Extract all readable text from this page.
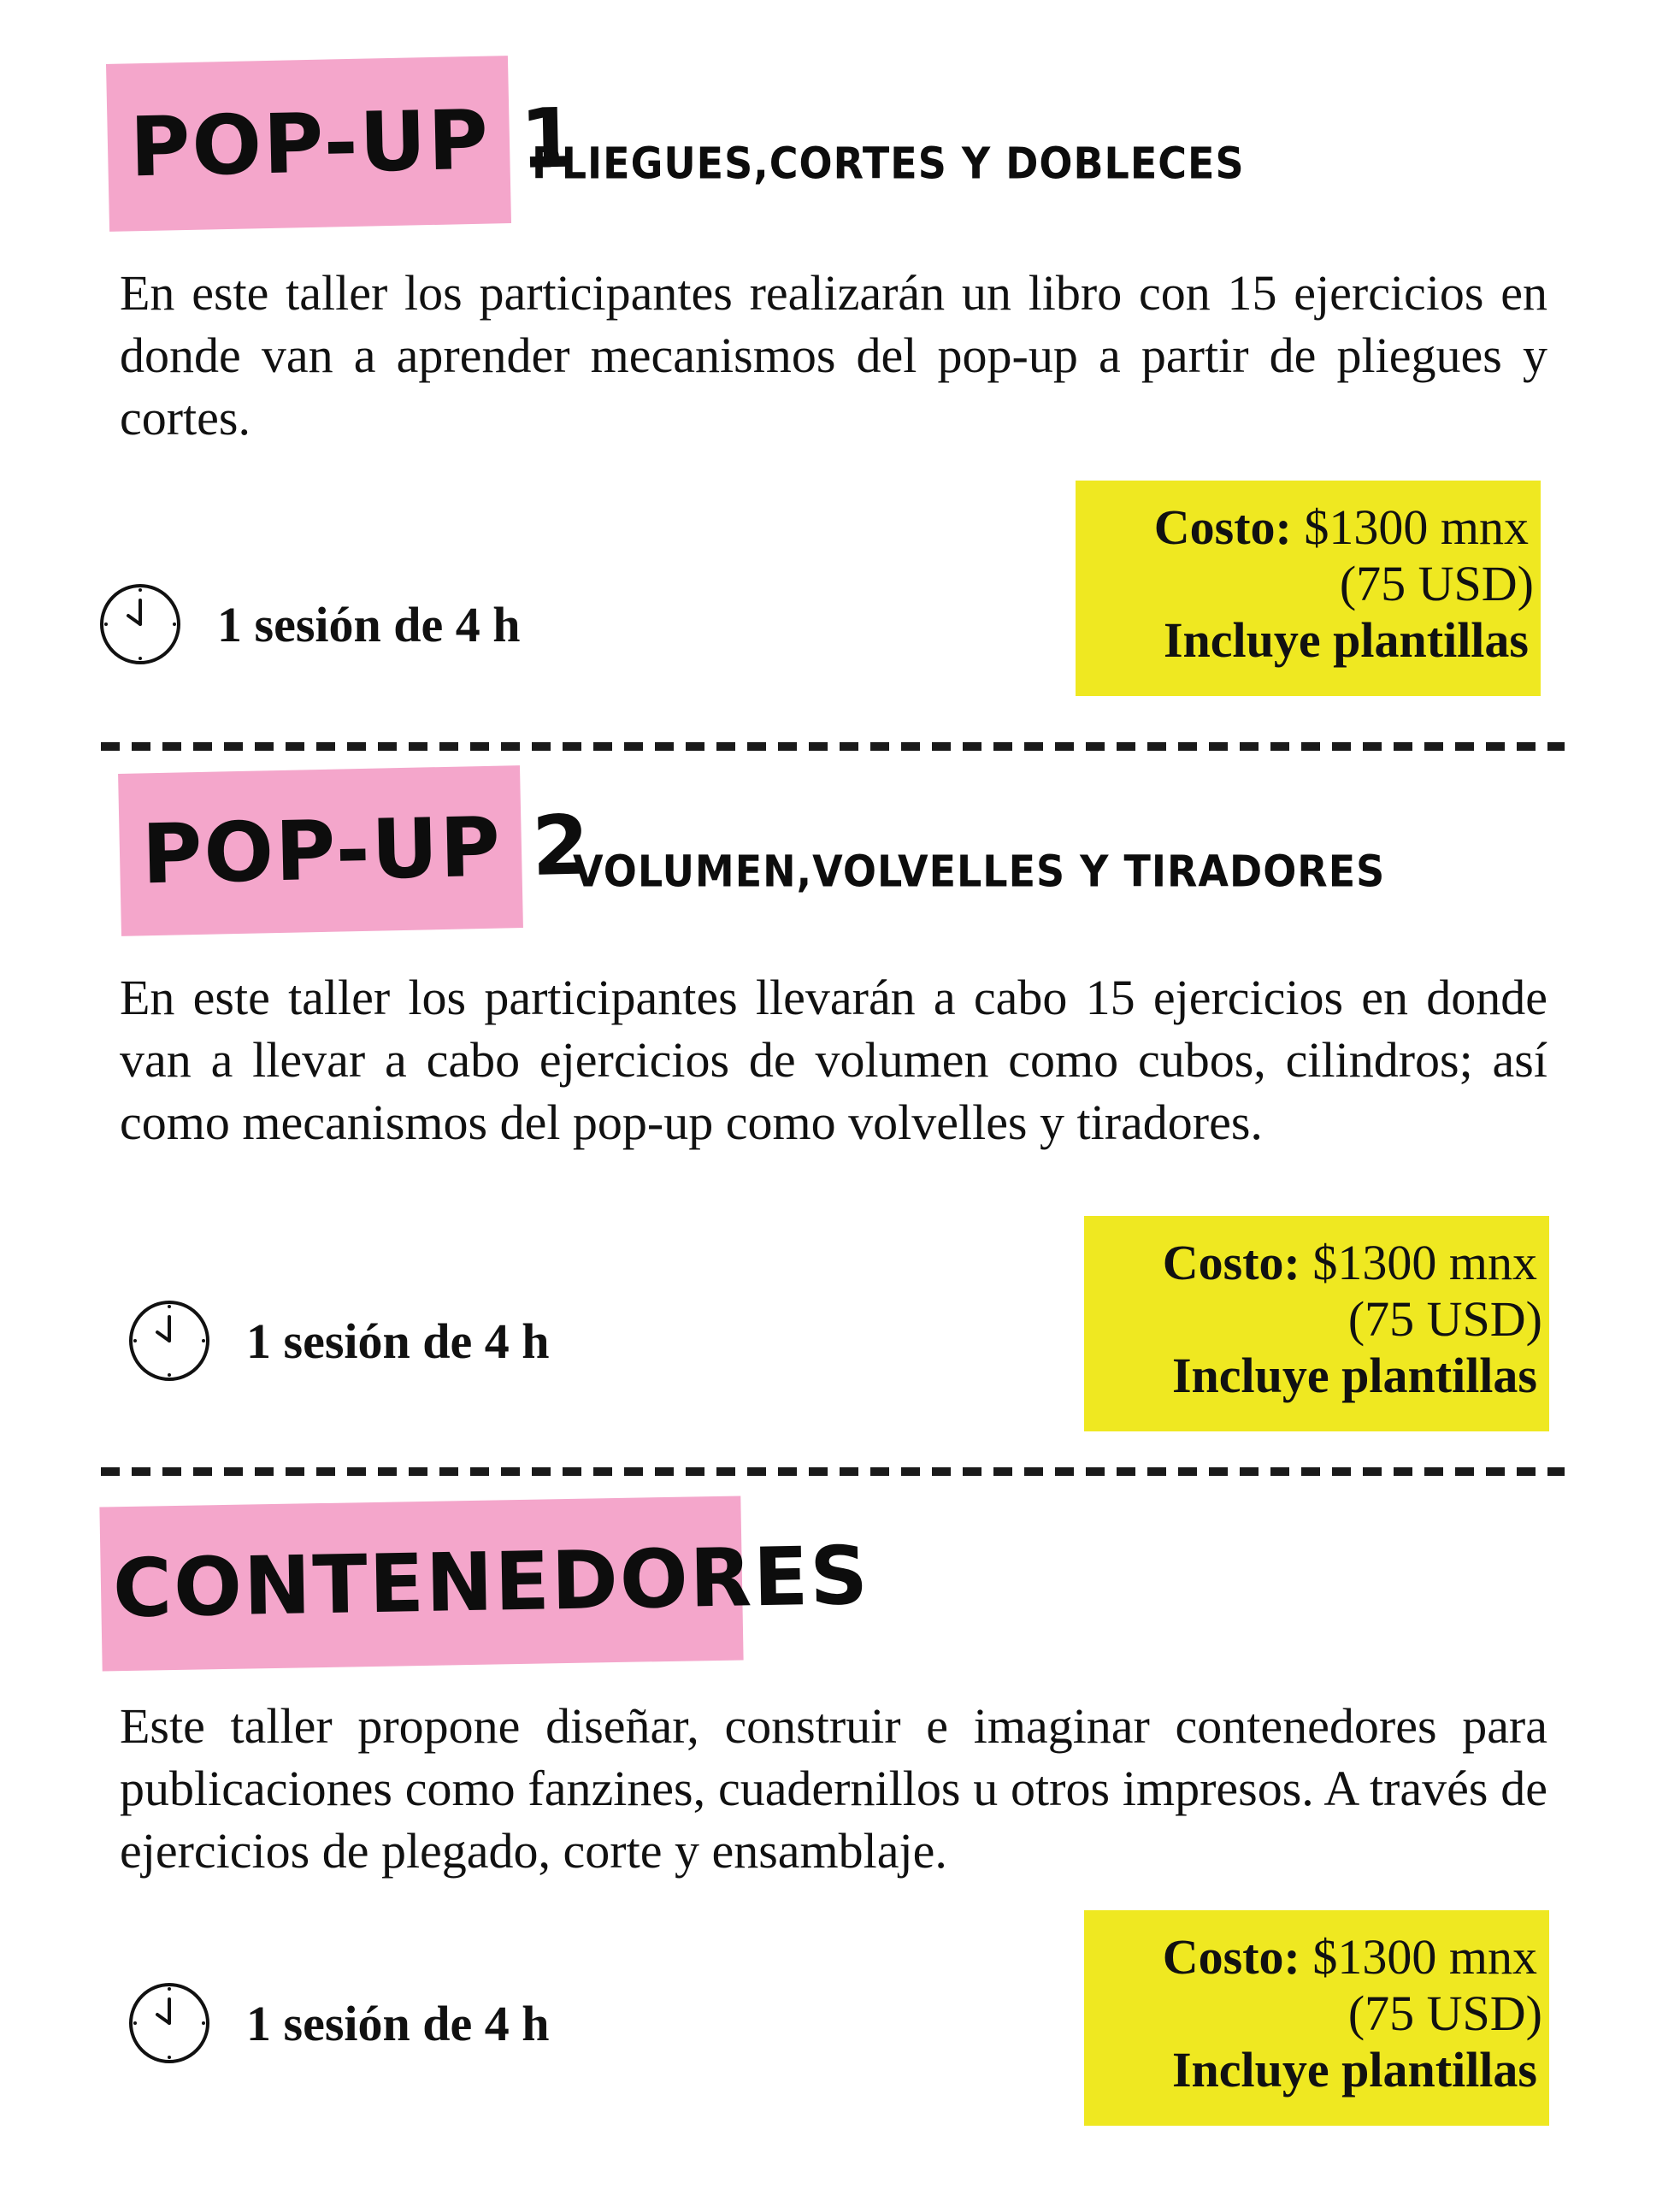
POP-UP 1
PLIEGUES,CORTES Y DOBLECES

En este taller los participantes realizarán un libro con 15 ejercicios en donde van a aprender mecanismos del pop-up a partir de pliegues y cortes.

1 sesión de 4 h
Costo: $1300 mnx
(75 USD)
Incluye plantillas
POP-UP 2
VOLUMEN,VOLVELLES Y TIRADORES

En este taller los participantes llevarán a cabo 15 ejercicios en donde van a llevar a cabo ejercicios de volumen como cubos, cilindros; así como mecanismos del pop-up como volvelles y tiradores.

1 sesión de 4 h
Costo: $1300 mnx
(75 USD)
Incluye plantillas
CONTENEDORES

Este taller propone diseñar, construir e imaginar contenedores para publicaciones como fanzines, cuadernillos u otros impresos. A través de ejercicios de plegado, corte y ensamblaje.

1 sesión de 4 h
Costo: $1300 mnx
(75 USD)
Incluye plantillas
